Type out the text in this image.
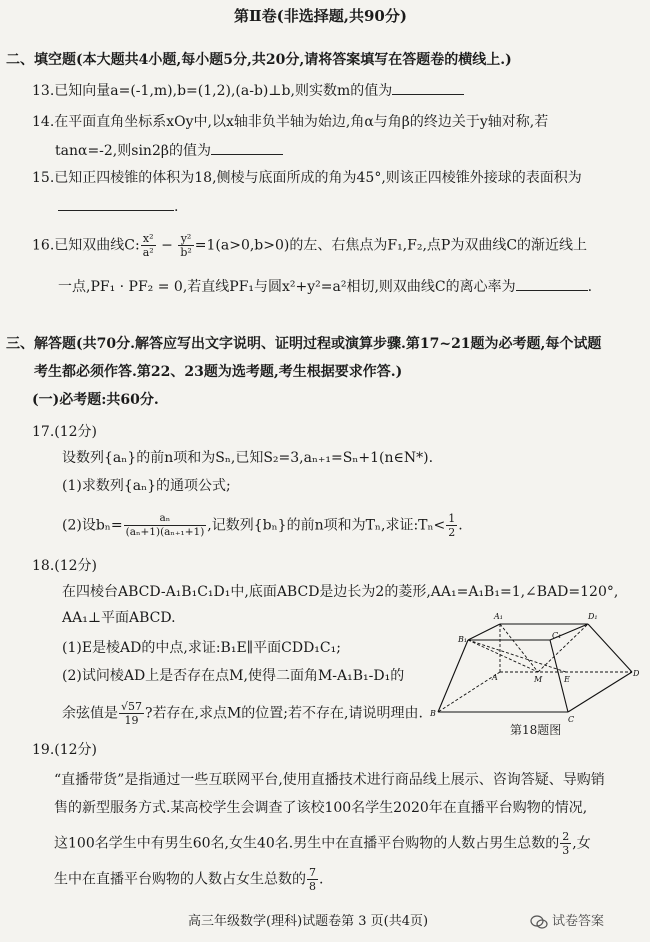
第Ⅱ卷(非选择题,共90分)
二、填空题(本大题共4小题,每小题5分,共20分,请将答案填写在答题卷的横线上.)
13.已知向量a=(-1,m),b=(1,2),(a-b)⊥b,则实数m的值为
14.在平面直角坐标系xOy中,以x轴非负半轴为始边,角α与角β的终边关于y轴对称,若
tanα=-2,则sin2β的值为
15.已知正四棱锥的体积为18,侧棱与底面所成的角为45°,则该正四棱锥外接球的表面积为
.
16.已知双曲线C: $\frac{\text{x²}}{\text{a²}} - \frac{\text{y²}}{\text{b²}} =1(a>0,b>0)$的左、右焦点为F₁,F₂,点P为双曲线C的渐近线上
一点,PF₁ · PF₂ = 0,若直线PF₁与圆x²+y²=a²相切,则双曲线C的离心率为	.
三、解答题(共70分.解答应写出文字说明、证明过程或演算步骤.第17~21题为必考题,每个试题
考生都必须作答.第22、23题为选考题,考生根据要求作答.)
(一)必考题:共60分.
17.(12分)
设数列{aₙ}的前n项和为Sₙ,已知S₂=3,aₙ₊₁=Sₙ+1(n∈N*).
(1)求数列{aₙ}的通项公式;
(2)设$b_n= \frac{\text{aₙ}}{\text{(aₙ+1)(aₙ₊₁+1)}}$ ,记数列{bₙ}的前n项和为Tₙ,求证:Tₙ< $\frac{1}{2}$ .
18.(12分)
在四棱台ABCD-A₁B₁C₁D₁中,底面ABCD是边长为2的菱形,AA₁=A₁B₁=1,∠BAD=120°,
AA₁⊥平面ABCD.
(1)E是棱AD的中点,求证:B₁E∥平面CDD₁C₁;
(2)试问棱AD上是否存在点M,使得二面角M-A₁B₁-D₁的
余弦值是 $\frac{√57}{19}$ ?若存在,求点M的位置;若不存在,请说明理由.
A₁	D₁
B₁	C₁
A	M	E
D
B
C
第18题图
19.(12分)
“直播带货”是指通过一些互联网平台,使用直播技术进行商品线上展示、咨询答疑、导购销
售的新型服务方式.某高校学生会调查了该校100名学生2020年在直播平台购物的情况,
这100名学生中有男生60名,女生40名.男生中在直播平台购物的人数占男生总数的 $\frac{2}{3}$ ,女
生中在直播平台购物的人数占女生总数的 $\frac{7}{8}$ .
高三年级数学(理科)试题卷第 3 页(共4页)	试卷答案
